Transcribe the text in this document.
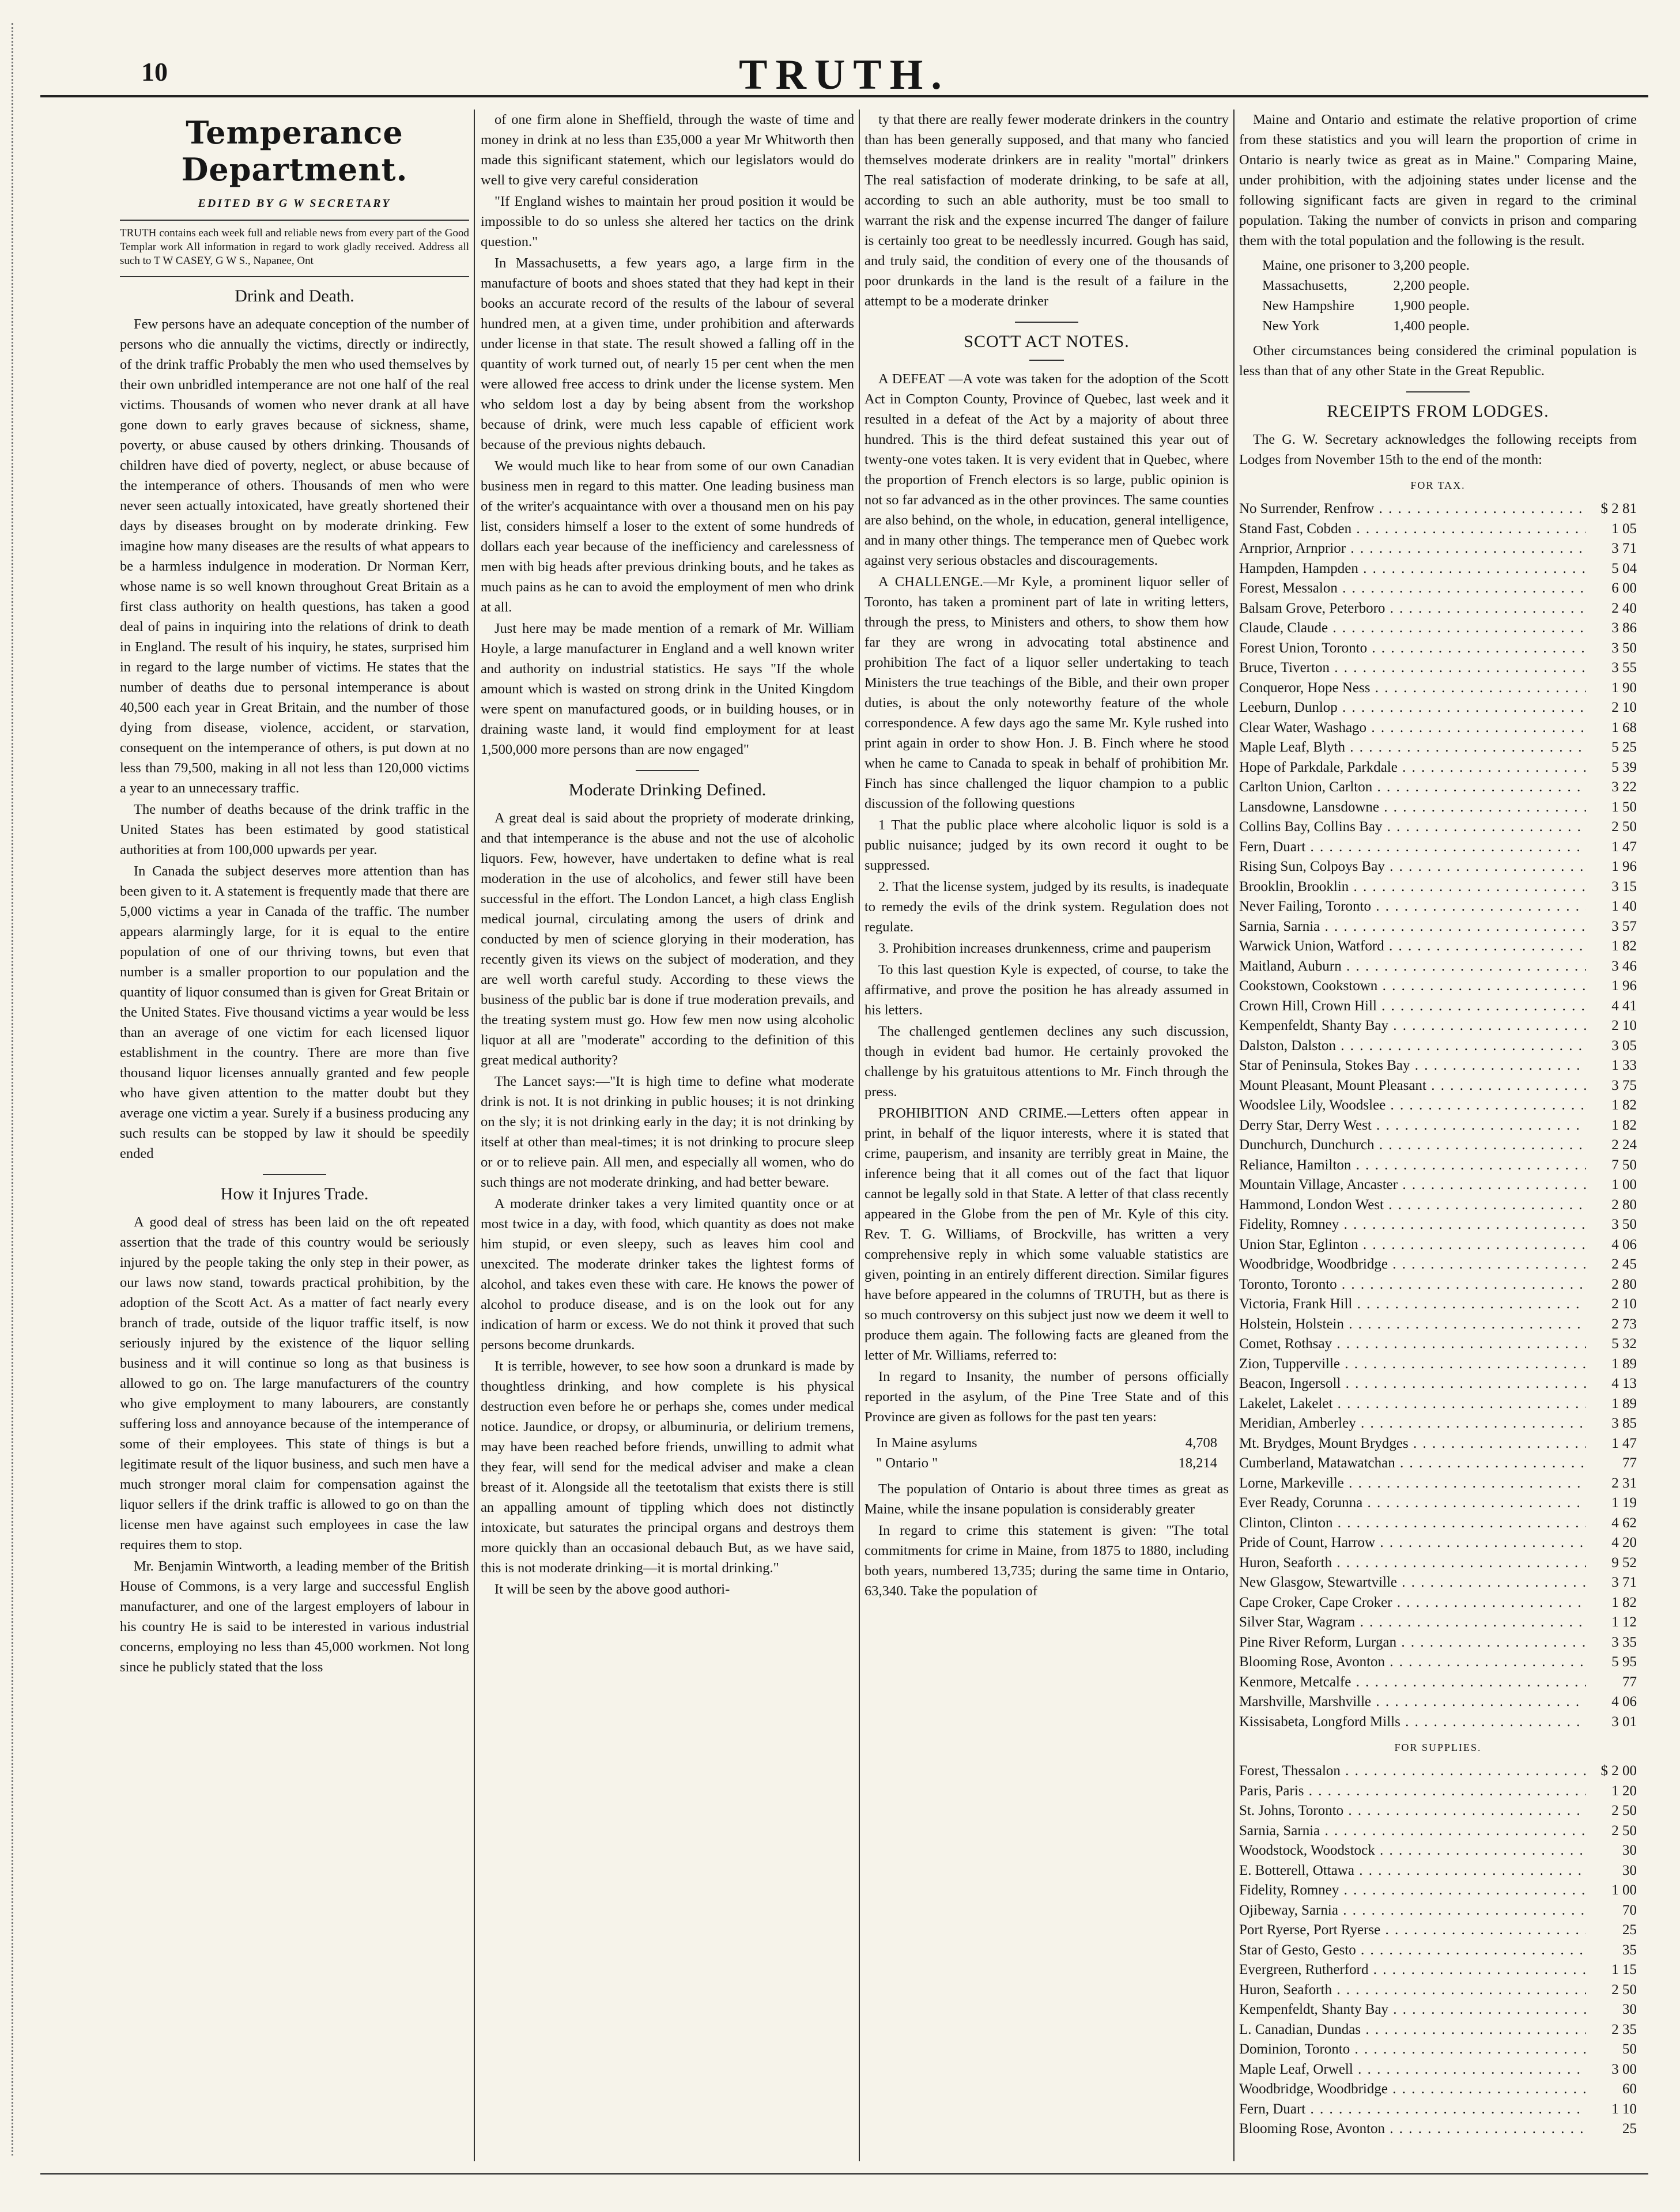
10	TRUTH.
Temperance Department.
EDITED BY G W SECRETARY

TRUTH contains each week full and reliable news from every part of the Good Templar work All information in regard to work gladly received. Address all such to T W CASEY, G W S., Napanee, Ont

Drink and Death.

Few persons have an adequate conception of the number of persons who die annually the victims, directly or indirectly, of the drink traffic Probably the men who used themselves by their own unbridled intemperance are not one half of the real victims. Thousands of women who never drank at all have gone down to early graves because of sickness, shame, poverty, or abuse caused by others drinking. Thousands of children have died of poverty, neglect, or abuse because of the intemperance of others. Thousands of men who were never seen actually intoxicated, have greatly shortened their days by diseases brought on by moderate drinking. Few imagine how many diseases are the results of what appears to be a harmless indulgence in moderation. Dr Norman Kerr, whose name is so well known throughout Great Britain as a first class authority on health questions, has taken a good deal of pains in inquiring into the relations of drink to death in England. The result of his inquiry, he states, surprised him in regard to the large number of victims. He states that the number of deaths due to personal intemperance is about 40,500 each year in Great Britain, and the number of those dying from disease, violence, accident, or starvation, consequent on the intemperance of others, is put down at no less than 79,500, making in all not less than 120,000 victims a year to an unnecessary traffic.

The number of deaths because of the drink traffic in the United States has been estimated by good statistical authorities at from 100,000 upwards per year.

In Canada the subject deserves more attention than has been given to it. A statement is frequently made that there are 5,000 victims a year in Canada of the traffic. The number appears alarmingly large, for it is equal to the entire population of one of our thriving towns, but even that number is a smaller proportion to our population and the quantity of liquor consumed than is given for Great Britain or the United States. Five thousand victims a year would be less than an average of one victim for each licensed liquor establishment in the country. There are more than five thousand liquor licenses annually granted and few people who have given attention to the matter doubt but they average one victim a year. Surely if a business producing any such results can be stopped by law it should be speedily ended

How it Injures Trade.

A good deal of stress has been laid on the oft repeated assertion that the trade of this country would be seriously injured by the people taking the only step in their power, as our laws now stand, towards practical prohibition, by the adoption of the Scott Act. As a matter of fact nearly every branch of trade, outside of the liquor traffic itself, is now seriously injured by the existence of the liquor selling business and it will continue so long as that business is allowed to go on. The large manufacturers of the country who give employment to many labourers, are constantly suffering loss and annoyance because of the intemperance of some of their employees. This state of things is but a legitimate result of the liquor business, and such men have a much stronger moral claim for compensation against the liquor sellers if the drink traffic is allowed to go on than the license men have against such employees in case the law requires them to stop.

Mr. Benjamin Wintworth, a leading member of the British House of Commons, is a very large and successful English manufacturer, and one of the largest employers of labour in his country He is said to be interested in various industrial concerns, employing no less than 45,000 workmen. Not long since he publicly stated that the loss

of one firm alone in Sheffield, through the waste of time and money in drink at no less than £35,000 a year Mr Whitworth then made this significant statement, which our legislators would do well to give very careful consideration

"If England wishes to maintain her proud position it would be impossible to do so unless she altered her tactics on the drink question."

In Massachusetts, a few years ago, a large firm in the manufacture of boots and shoes stated that they had kept in their books an accurate record of the results of the labour of several hundred men, at a given time, under prohibition and afterwards under license in that state. The result showed a falling off in the quantity of work turned out, of nearly 15 per cent when the men were allowed free access to drink under the license system. Men who seldom lost a day by being absent from the workshop because of drink, were much less capable of efficient work because of the previous nights debauch.

We would much like to hear from some of our own Canadian business men in regard to this matter. One leading business man of the writer's acquaintance with over a thousand men on his pay list, considers himself a loser to the extent of some hundreds of dollars each year because of the inefficiency and carelessness of men with big heads after previous drinking bouts, and he takes as much pains as he can to avoid the employment of men who drink at all.

Just here may be made mention of a remark of Mr. William Hoyle, a large manufacturer in England and a well known writer and authority on industrial statistics. He says "If the whole amount which is wasted on strong drink in the United Kingdom were spent on manufactured goods, or in building houses, or in draining waste land, it would find employment for at least 1,500,000 more persons than are now engaged"

Moderate Drinking Defined.

A great deal is said about the propriety of moderate drinking, and that intemperance is the abuse and not the use of alcoholic liquors. Few, however, have undertaken to define what is real moderation in the use of alcoholics, and fewer still have been successful in the effort. The London Lancet, a high class English medical journal, circulating among the users of drink and conducted by men of science glorying in their moderation, has recently given its views on the subject of moderation, and they are well worth careful study. According to these views the business of the public bar is done if true moderation prevails, and the treating system must go. How few men now using alcoholic liquor at all are "moderate" according to the definition of this great medical authority?

The Lancet says:—"It is high time to define what moderate drink is not. It is not drinking in public houses; it is not drinking on the sly; it is not drinking early in the day; it is not drinking by itself at other than meal-times; it is not drinking to procure sleep or or to relieve pain. All men, and especially all women, who do such things are not moderate drinking, and had better beware.

A moderate drinker takes a very limited quantity once or at most twice in a day, with food, which quantity as does not make him stupid, or even sleepy, such as leaves him cool and unexcited. The moderate drinker takes the lightest forms of alcohol, and takes even these with care. He knows the power of alcohol to produce disease, and is on the look out for any indication of harm or excess. We do not think it proved that such persons become drunkards.

It is terrible, however, to see how soon a drunkard is made by thoughtless drinking, and how complete is his physical destruction even before he or perhaps she, comes under medical notice. Jaundice, or dropsy, or albuminuria, or delirium tremens, may have been reached before friends, unwilling to admit what they fear, will send for the medical adviser and make a clean breast of it. Alongside all the teetotalism that exists there is still an appalling amount of tippling which does not distinctly intoxicate, but saturates the principal organs and destroys them more quickly than an occasional debauch But, as we have said, this is not moderate drinking—it is mortal drinking."

It will be seen by the above good authori-

ty that there are really fewer moderate drinkers in the country than has been generally supposed, and that many who fancied themselves moderate drinkers are in reality "mortal" drinkers The real satisfaction of moderate drinking, to be safe at all, according to such an able authority, must be too small to warrant the risk and the expense incurred The danger of failure is certainly too great to be needlessly incurred. Gough has said, and truly said, the condition of every one of the thousands of poor drunkards in the land is the result of a failure in the attempt to be a moderate drinker

SCOTT ACT NOTES.

A DEFEAT —A vote was taken for the adoption of the Scott Act in Compton County, Province of Quebec, last week and it resulted in a defeat of the Act by a majority of about three hundred. This is the third defeat sustained this year out of twenty-one votes taken. It is very evident that in Quebec, where the proportion of French electors is so large, public opinion is not so far advanced as in the other provinces. The same counties are also behind, on the whole, in education, general intelligence, and in many other things. The temperance men of Quebec work against very serious obstacles and discouragements.

A CHALLENGE.—Mr Kyle, a prominent liquor seller of Toronto, has taken a prominent part of late in writing letters, through the press, to Ministers and others, to show them how far they are wrong in advocating total abstinence and prohibition The fact of a liquor seller undertaking to teach Ministers the true teachings of the Bible, and their own proper duties, is about the only noteworthy feature of the whole correspondence. A few days ago the same Mr. Kyle rushed into print again in order to show Hon. J. B. Finch where he stood when he came to Canada to speak in behalf of prohibition Mr. Finch has since challenged the liquor champion to a public discussion of the following questions

1 That the public place where alcoholic liquor is sold is a public nuisance; judged by its own record it ought to be suppressed.

2. That the license system, judged by its results, is inadequate to remedy the evils of the drink system. Regulation does not regulate.

3. Prohibition increases drunkenness, crime and pauperism

To this last question Kyle is expected, of course, to take the affirmative, and prove the position he has already assumed in his letters.

The challenged gentlemen declines any such discussion, though in evident bad humor. He certainly provoked the challenge by his gratuitous attentions to Mr. Finch through the press.

PROHIBITION AND CRIME.—Letters often appear in print, in behalf of the liquor interests, where it is stated that crime, pauperism, and insanity are terribly great in Maine, the inference being that it all comes out of the fact that liquor cannot be legally sold in that State. A letter of that class recently appeared in the Globe from the pen of Mr. Kyle of this city. Rev. T. G. Williams, of Brockville, has written a very comprehensive reply in which some valuable statistics are given, pointing in an entirely different direction. Similar figures have before appeared in the columns of TRUTH, but as there is so much controversy on this subject just now we deem it well to produce them again. The following facts are gleaned from the letter of Mr. Williams, referred to:

In regard to Insanity, the number of persons officially reported in the asylum, of the Pine Tree State and of this Province are given as follows for the past ten years:

In Maine asylums	4,708
" Ontario "	18,214

The population of Ontario is about three times as great as Maine, while the insane population is considerably greater

In regard to crime this statement is given: "The total commitments for crime in Maine, from 1875 to 1880, including both years, numbered 13,735; during the same time in Ontario, 63,340. Take the population of

Maine and Ontario and estimate the relative proportion of crime from these statistics and you will learn the proportion of crime in Ontario is nearly twice as great as in Maine." Comparing Maine, under prohibition, with the adjoining states under license and the following significant facts are given in regard to the criminal population. Taking the number of convicts in prison and comparing them with the total population and the following is the result.

Maine, one prisoner to 3,200 people.
Massachusetts,	2,200 people.
New Hampshire	1,900 people.
New York	1,400 people.

Other circumstances being considered the criminal population is less than that of any other State in the Great Republic.

RECEIPTS FROM LODGES.

The G. W. Secretary acknowledges the following receipts from Lodges from November 15th to the end of the month:

FOR TAX.
No Surrender, Renfrow . . .	$ 2 81
Stand Fast, Cobden . . .	1 05
Arnprior, Arnprior . . .	3 71
Hampden, Hampden . . .	5 04
Forest, Messalon . . .	6 00
Balsam Grove, Peterboro . . .	2 40
Claude, Claude . . .	3 86
Forest Union, Toronto . . .	3 50
Bruce, Tiverton . . .	3 55
Conqueror, Hope Ness . . .	1 90
Leeburn, Dunlop . . .	2 10
Clear Water, Washago . . .	1 68
Maple Leaf, Blyth . . .	5 25
Hope of Parkdale, Parkdale . . .	5 39
Carlton Union, Carlton . . .	3 22
Lansdowne, Lansdowne . . .	1 50
Collins Bay, Collins Bay . . .	2 50
Fern, Duart . . .	1 47
Rising Sun, Colpoys Bay . . .	1 96
Brooklin, Brooklin . . .	3 15
Never Failing, Toronto . . .	1 40
Sarnia, Sarnia . . .	3 57
Warwick Union, Watford . . .	1 82
Maitland, Auburn . . .	3 46
Cookstown, Cookstown . . .	1 96
Crown Hill, Crown Hill . . .	4 41
Kempenfeldt, Shanty Bay . . .	2 10
Dalston, Dalston . . .	3 05
Star of Peninsula, Stokes Bay . . .	1 33
Mount Pleasant, Mount Pleasant . . .	3 75
Woodslee Lily, Woodslee . . .	1 82
Derry Star, Derry West . . .	1 82
Dunchurch, Dunchurch . . .	2 24
Reliance, Hamilton . . .	7 50
Mountain Village, Ancaster . . .	1 00
Hammond, London West . . .	2 80
Fidelity, Romney . . .	3 50
Union Star, Eglinton . . .	4 06
Woodbridge, Woodbridge . . .	2 45
Toronto, Toronto . . .	2 80
Victoria, Frank Hill . . .	2 10
Holstein, Holstein . . .	2 73
Comet, Rothsay . . .	5 32
Zion, Tupperville . . .	1 89
Beacon, Ingersoll . . .	4 13
Lakelet, Lakelet . . .	1 89
Meridian, Amberley . . .	3 85
Mt. Brydges, Mount Brydges . . .	1 47
Cumberland, Matawatchan . . .	77
Lorne, Markeville . . .	2 31
Ever Ready, Corunna . . .	1 19
Clinton, Clinton . . .	4 62
Pride of Count, Harrow . . .	4 20
Huron, Seaforth . . .	9 52
New Glasgow, Stewartville . . .	3 71
Cape Croker, Cape Croker . . .	1 82
Silver Star, Wagram . . .	1 12
Pine River Reform, Lurgan . . .	3 35
Blooming Rose, Avonton . . .	5 95
Kenmore, Metcalfe . . .	77
Marshville, Marshville . . .	4 06
Kissisabeta, Longford Mills . . .	3 01
FOR SUPPLIES.
Forest, Thessalon . . .	$ 2 00
Paris, Paris . . .	1 20
St. Johns, Toronto . . .	2 50
Sarnia, Sarnia . . .	2 50
Woodstock, Woodstock . . .	30
E. Botterell, Ottawa . . .	30
Fidelity, Romney . . .	1 00
Ojibeway, Sarnia . . .	70
Port Ryerse, Port Ryerse . . .	25
Star of Gesto, Gesto . . .	35
Evergreen, Rutherford . . .	1 15
Huron, Seaforth . . .	2 50
Kempenfeldt, Shanty Bay . . .	30
L. Canadian, Dundas . . .	2 35
Dominion, Toronto . . .	50
Maple Leaf, Orwell . . .	3 00
Woodbridge, Woodbridge . . .	60
Fern, Duart . . .	1 10
Blooming Rose, Avonton . . .	25
